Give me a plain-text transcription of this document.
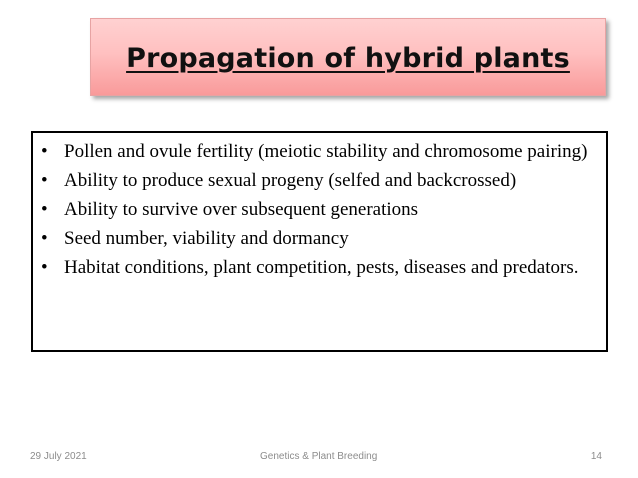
Propagation of hybrid plants
• Pollen and ovule fertility (meiotic stability and chromosome pairing)
• Ability to produce sexual progeny (selfed and backcrossed)
• Ability to survive over subsequent generations
• Seed number, viability and dormancy
• Habitat conditions, plant competition, pests, diseases and predators.
29 July 2021	Genetics & Plant Breeding	14
